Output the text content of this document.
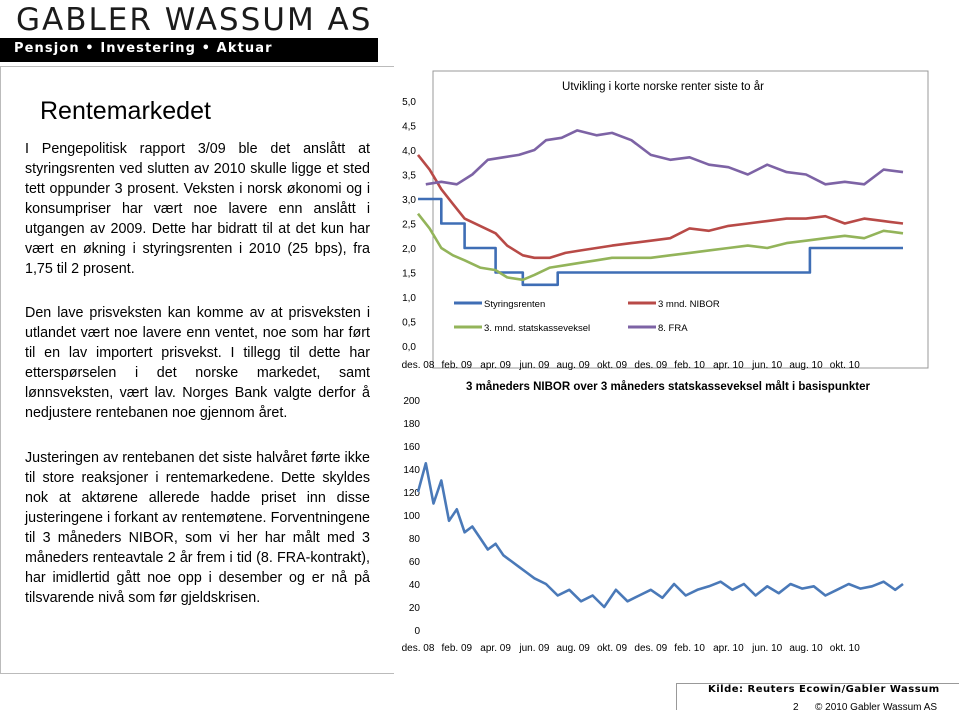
GABLER WASSUM AS
Pensjon • Investering • Aktuar
Rentemarkedet
I Pengepolitisk rapport 3/09 ble det anslått at styringsrenten ved slutten av 2010 skulle ligge et sted tett oppunder 3 prosent. Veksten i norsk økonomi og i konsumpriser har vært noe lavere enn anslått i utgangen av 2009. Dette har bidratt til at det kun har vært en økning i styringsrenten i 2010 (25 bps), fra 1,75 til 2 prosent.
Den lave prisveksten kan komme av at prisveksten i utlandet vært noe lavere enn ventet, noe som har ført til en lav importert prisvekst. I tillegg til dette har etterspørselen i det norske markedet, samt lønnsveksten, vært lav. Norges Bank valgte derfor å nedjustere rentebanen noe gjennom året.
Justeringen av rentebanen det siste halvåret førte ikke til store reaksjoner i rentemarkedene. Dette skyldes nok at aktørene allerede hadde priset inn disse justeringene i forkant av rentemøtene. Forventningene til 3 måneders NIBOR, som vi her har målt med 3 måneders renteavtale 2 år frem i tid (8. FRA-kontrakt), har imidlertid gått noe opp i desember og er nå på tilsvarende nivå som før gjeldskrisen.
Utvikling i korte norske renter siste to år
0,0
0,5
1,0
1,5
2,0
2,5
3,0
3,5
4,0
4,5
5,0
des. 08 feb. 09 apr. 09 jun. 09 aug. 09 okt. 09 des. 09 feb. 10 apr. 10 jun. 10 aug. 10 okt. 10
Styringsrenten	3 mnd. NIBOR
3. mnd. statskasseveksel	8. FRA
3 måneders NIBOR over 3 måneders statskasseveksel målt i basispunkter
0
20
40
60
80
100
120
140
160
180
200
des. 08 feb. 09 apr. 09 jun. 09 aug. 09 okt. 09 des. 09 feb. 10 apr. 10 jun. 10 aug. 10 okt. 10
Kilde: Reuters Ecowin/Gabler Wassum
2 © 2010 Gabler Wassum AS
